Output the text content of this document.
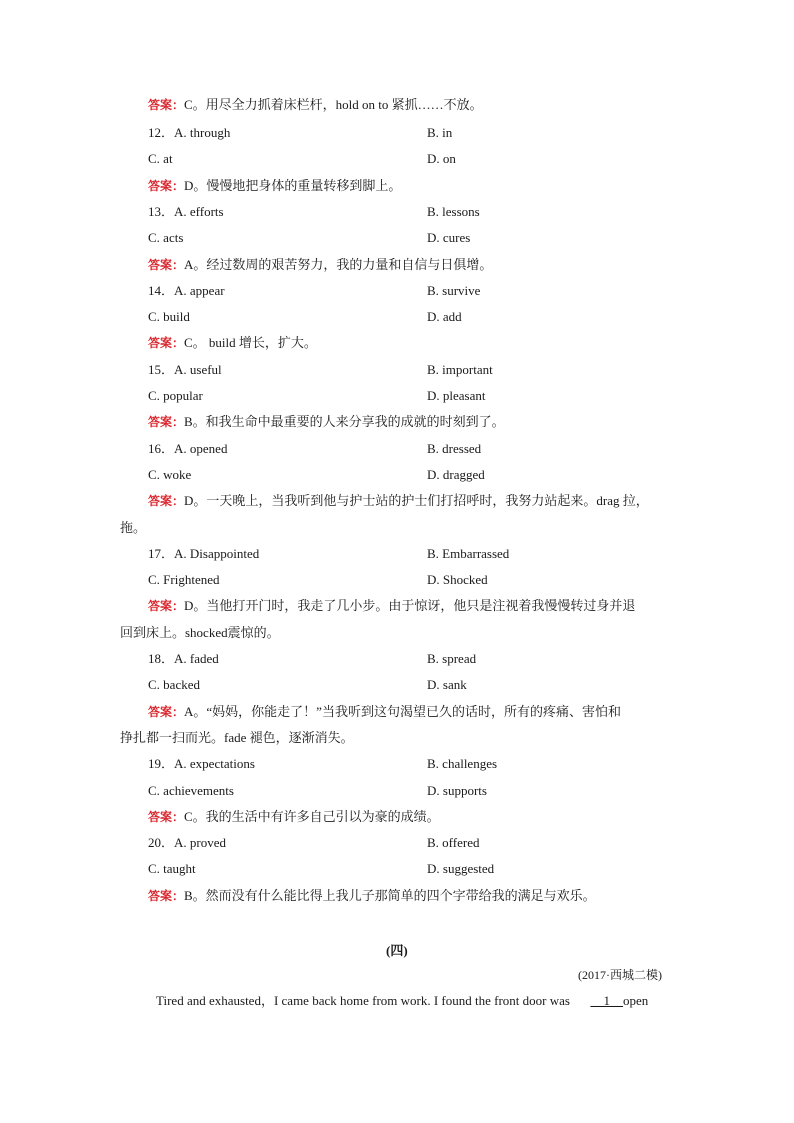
答案：C。用尽全力抓着床栏杆，hold on to 紧抓……不放。
12．A. through	B. in
C. at	D. on
答案：D。慢慢地把身体的重量转移到脚上。
13．A. efforts	B. lessons
C. acts	D. cures
答案：A。经过数周的艰苦努力，我的力量和自信与日俱增。
14．A. appear	B. survive
C. build	D. add
答案：C。 build 增长，扩大。
15．A. useful	B. important
C. popular	D. pleasant
答案：B。和我生命中最重要的人来分享我的成就的时刻到了。
16．A. opened	B. dressed
C. woke	D. dragged
答案：D。一天晚上，当我听到他与护士站的护士们打招呼时，我努力站起来。drag 拉，
拖。
17．A. Disappointed	B. Embarrassed
C. Frightened	D. Shocked
答案：D。当他打开门时，我走了几小步。由于惊讶，他只是注视着我慢慢转过身并退
回到床上。shocked震惊的。
18．A. faded	B. spread
C. backed	D. sank
答案：A。“妈妈，你能走了！”当我听到这句渴望已久的话时，所有的疼痛、害怕和
挣扎都一扫而光。fade 褪色，逐渐消失。
19．A. expectations	B. challenges
C. achievements	D. supports
答案：C。我的生活中有许多自己引以为豪的成绩。
20．A. proved	B. offered
C. taught	D. suggested
答案：B。然而没有什么能比得上我儿子那简单的四个字带给我的满足与欢乐。
(四)
(2017·西城二模)
Tired and exhausted，I came back home from work. I found the front door was __1__open
